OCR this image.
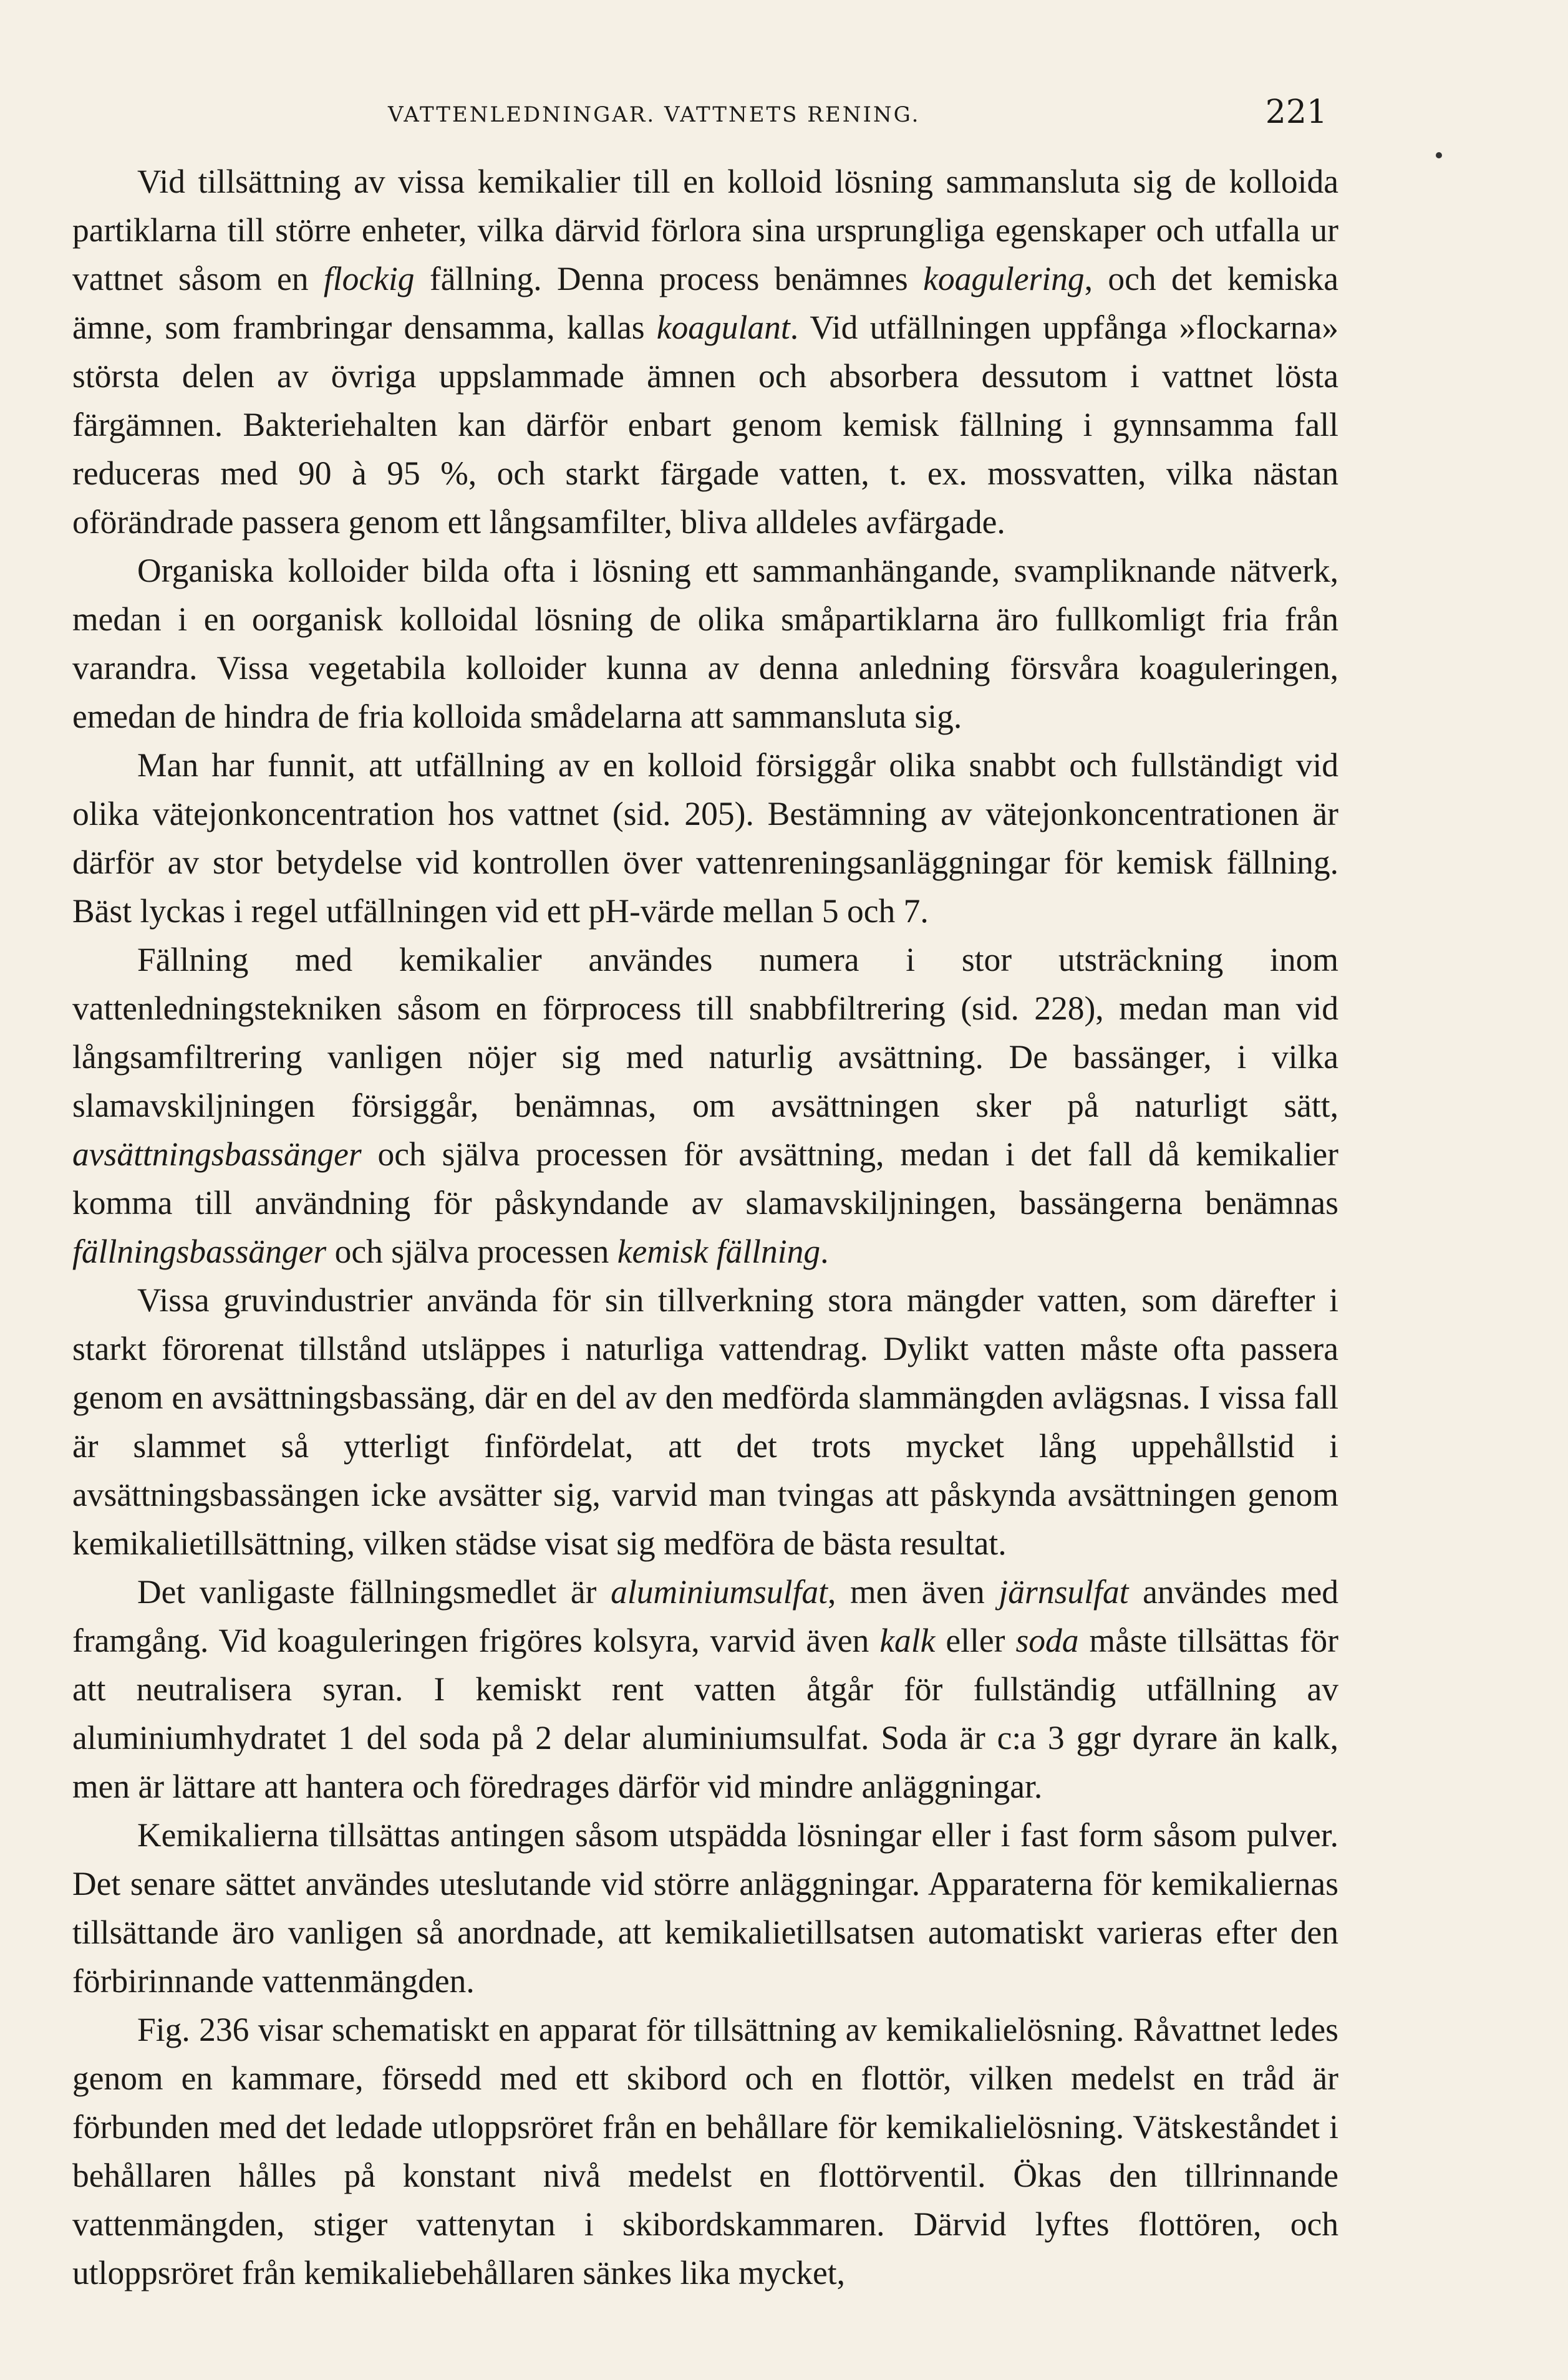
VATTENLEDNINGAR. VATTNETS RENING.	221

Vid tillsättning av vissa kemikalier till en kolloid lösning sammansluta sig de kolloida partiklarna till större enheter, vilka därvid förlora sina ursprungliga egenskaper och utfalla ur vattnet såsom en flockig fällning. Denna process benämnes koagulering, och det kemiska ämne, som frambringar densamma, kallas koagulant. Vid utfällningen uppfånga »flockarna» största delen av övriga uppslammade ämnen och absorbera dessutom i vattnet lösta färgämnen. Bakteriehalten kan därför enbart genom kemisk fällning i gynnsamma fall reduceras med 90 à 95 %, och starkt färgade vatten, t. ex. mossvatten, vilka nästan oförändrade passera genom ett långsamfilter, bliva alldeles avfärgade.

Organiska kolloider bilda ofta i lösning ett sammanhängande, svampliknande nätverk, medan i en oorganisk kolloidal lösning de olika småpartiklarna äro fullkomligt fria från varandra. Vissa vegetabila kolloider kunna av denna anledning försvåra koaguleringen, emedan de hindra de fria kolloida smådelarna att sammansluta sig.

Man har funnit, att utfällning av en kolloid försiggår olika snabbt och fullständigt vid olika vätejonkoncentration hos vattnet (sid. 205). Bestämning av vätejonkoncentrationen är därför av stor betydelse vid kontrollen över vattenreningsanläggningar för kemisk fällning. Bäst lyckas i regel utfällningen vid ett pH-värde mellan 5 och 7.

Fällning med kemikalier användes numera i stor utsträckning inom vattenledningstekniken såsom en förprocess till snabbfiltrering (sid. 228), medan man vid långsamfiltrering vanligen nöjer sig med naturlig avsättning. De bassänger, i vilka slamavskiljningen försiggår, benämnas, om avsättningen sker på naturligt sätt, avsättningsbassänger och själva processen för avsättning, medan i det fall då kemikalier komma till användning för påskyndande av slamavskiljningen, bassängerna benämnas fällningsbassänger och själva processen kemisk fällning.

Vissa gruvindustrier använda för sin tillverkning stora mängder vatten, som därefter i starkt förorenat tillstånd utsläppes i naturliga vattendrag. Dylikt vatten måste ofta passera genom en avsättningsbassäng, där en del av den medförda slammängden avlägsnas. I vissa fall är slammet så ytterligt finfördelat, att det trots mycket lång uppehållstid i avsättningsbassängen icke avsätter sig, varvid man tvingas att påskynda avsättningen genom kemikalietillsättning, vilken städse visat sig medföra de bästa resultat.

Det vanligaste fällningsmedlet är aluminiumsulfat, men även järnsulfat användes med framgång. Vid koaguleringen frigöres kolsyra, varvid även kalk eller soda måste tillsättas för att neutralisera syran. I kemiskt rent vatten åtgår för fullständig utfällning av aluminiumhydratet 1 del soda på 2 delar aluminiumsulfat. Soda är c:a 3 ggr dyrare än kalk, men är lättare att hantera och föredrages därför vid mindre anläggningar.

Kemikalierna tillsättas antingen såsom utspädda lösningar eller i fast form såsom pulver. Det senare sättet användes uteslutande vid större anläggningar. Apparaterna för kemikaliernas tillsättande äro vanligen så anordnade, att kemikalietillsatsen automatiskt varieras efter den förbirinnande vattenmängden.

Fig. 236 visar schematiskt en apparat för tillsättning av kemikalielösning. Råvattnet ledes genom en kammare, försedd med ett skibord och en flottör, vilken medelst en tråd är förbunden med det ledade utloppsröret från en behållare för kemikalielösning. Vätskeståndet i behållaren hålles på konstant nivå medelst en flottörventil. Ökas den tillrinnande vattenmängden, stiger vattenytan i skibordskammaren. Därvid lyftes flottören, och utloppsröret från kemikaliebehållaren sänkes lika mycket,
